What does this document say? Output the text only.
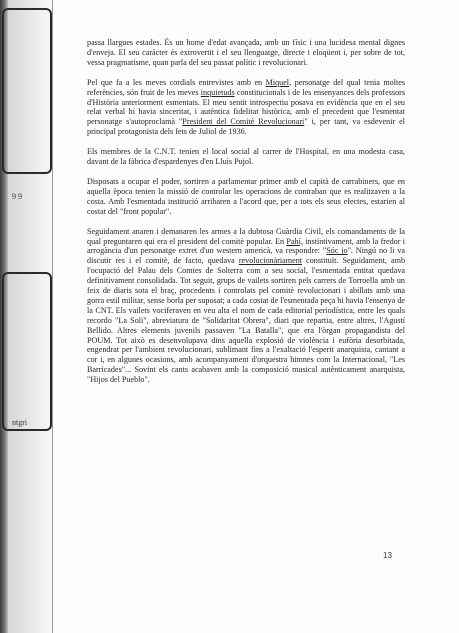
9 9
ntgri

passa llargues estades. És un home d'edat avançada, amb un físic i una lucidesa mental dignes d'enveja. El seu caràcter és extrovertit i el seu llenguatge, directe i eloqüent i, per sobre de tot, vessa pragmatisme, quan parla del seu passat polític i revolucionari.

Pel que fa a les meves cordials entrevistes amb en Miquel, personatge del qual tenia moltes referències, són fruit de les meves inquietuds constitucionals i de les ensenyances dels professors d'Història anteriorment esmentats. El meu sentit introspectiu posava en evidència que en el seu relat verbal hi havia sinceritat, i autèntica fidelitat històrica, amb el precedent que l'esmentat personatge s'autoproclamà "President del Comitè Revolucionari" i, per tant, va esdevenir el principal protagonista dels fets de Juliol de 1936.

Els membres de la C.N.T. tenien el local social al carrer de l'Hospital, en una modesta casa, davant de la fàbrica d'espardenyes d'en Lluís Pujol.

Disposats a ocupar el poder, sortiren a parlamentar primer amb el capità de carrabiners, que en aquella època tenien la missió de controlar les operacions de contraban que es realitzaven a la costa. Amb l'esmentada institució arribaren a l'acord que, per a tots els seus efectes, estarien al costat del "front popular".

Seguidament anaren i demanaren les armes a la dubtosa Guàrdia Civil, els comandaments de la qual preguntaren qui era el president del comitè popular. En Pahí, instintivament, amb la fredor i arrogància d'un personatge extret d'un western americà, va respondre: "Sóc jo". Ningú no li va discutir res i el comitè, de facto, quedava revolucionàriament constituït. Seguidament, amb l'ocupació del Palau dels Comtes de Solterra com a seu social, l'esmentada entitat quedava definitivament consolidada. Tot seguit, grups de vailets sortiren pels carrers de Torroella amb un feix de diaris sota el braç, procedents i controlats pel comitè revolucionari i abillats amb una gorra estil militar, sense borla per suposat; a cada costat de l'esmentada peça hi havia l'ensenya de la CNT. Els vailets vociferaven en veu alta el nom de cada editorial periodística, entre les quals recordo "La Soli", abreviatura de "Solidaritat Obrera", diari que repartia, entre altres, l'Agustí Bellido. Altres elements juvenils passaven "La Batalla", que era l'òrgan propagandista del POUM. Tot això es desenvolupava dins aquella explosió de violència i eufòria desorbitada, engendrat per l'ambient revolucionari, sublimant fins a l'exaltació l'esperit anarquista, cantant a cor i, en algunes ocasions, amb acompanyament d'orquestra himnes com la Internacional, "Les Barricades"... Sovint els cants acabaven amb la composició musical autènticament anarquista, "Hijos del Pueblo".

13
